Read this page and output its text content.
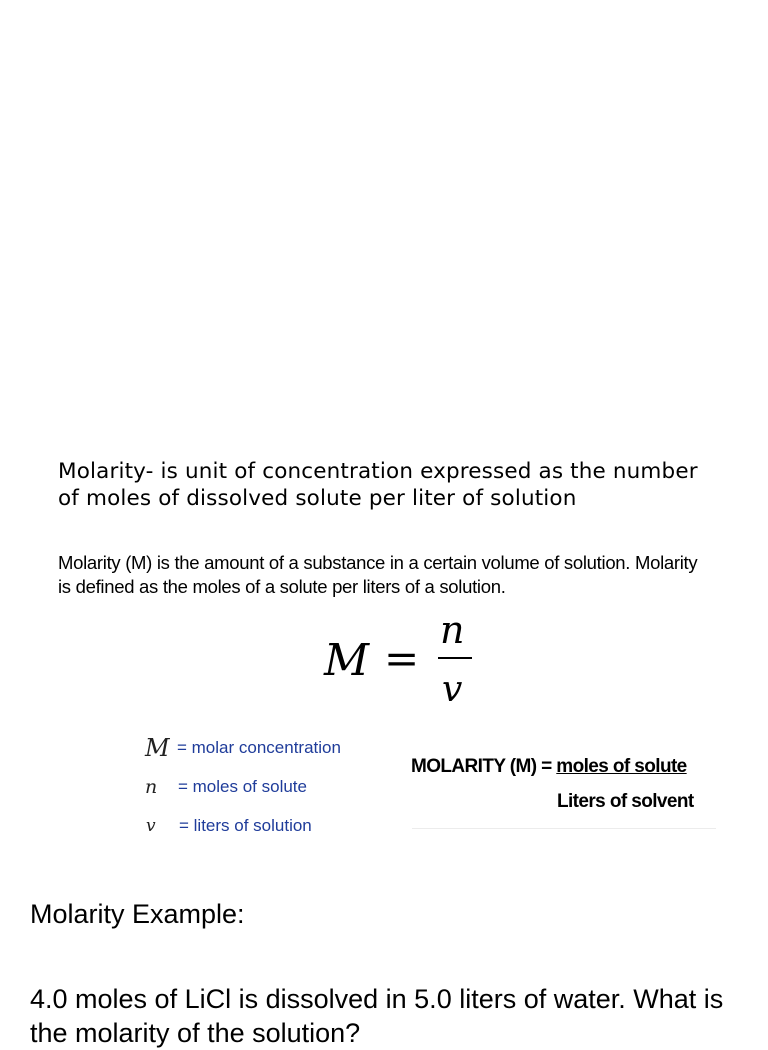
Molarity- is unit of concentration expressed as the number of moles of dissolved solute per liter of solution
Molarity (M) is the amount of a substance in a certain volume of solution. Molarity is defined as the moles of a solute per liters of a solution.
M =
n
v
M = molar concentration
n	= moles of solute
v	= liters of solution
MOLARITY (M) = moles of solute
Liters of solvent
Molarity Example:
4.0 moles of LiCl is dissolved in 5.0 liters of water. What is the molarity of the solution?
